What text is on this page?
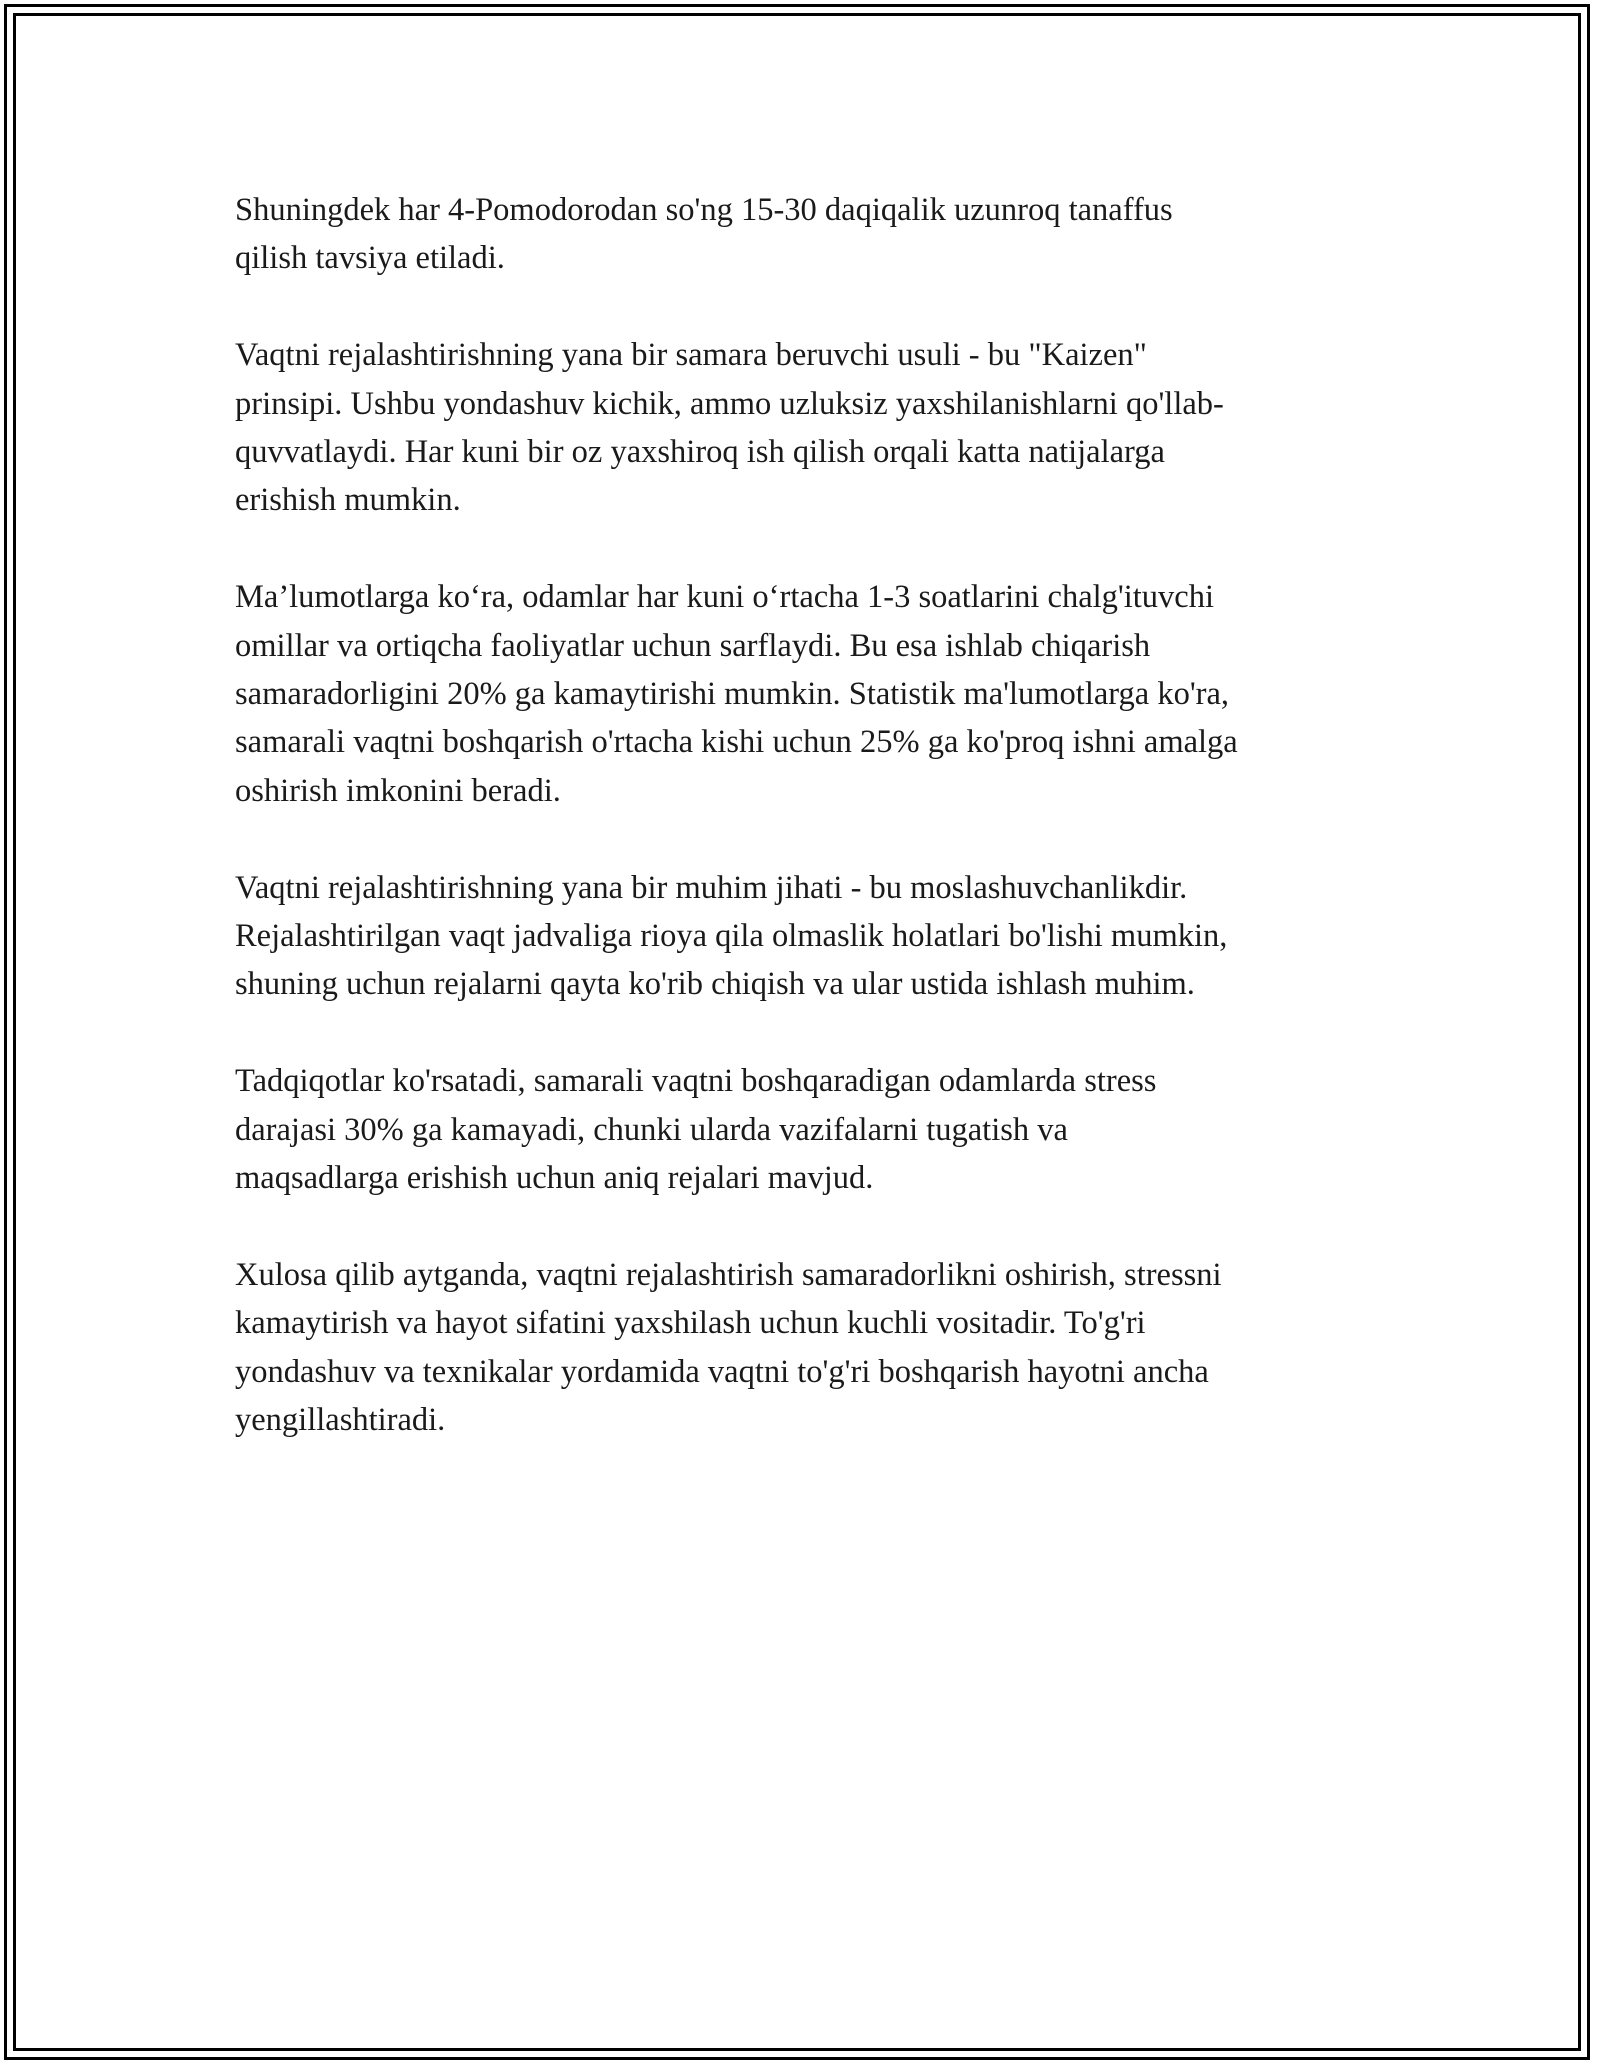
Shuningdek har 4-Pomodorodan so'ng 15-30 daqiqalik uzunroq tanaffus
qilish tavsiya etiladi.

Vaqtni rejalashtirishning yana bir samara beruvchi usuli - bu "Kaizen"
prinsipi. Ushbu yondashuv kichik, ammo uzluksiz yaxshilanishlarni qo'llab-
quvvatlaydi. Har kuni bir oz yaxshiroq ish qilish orqali katta natijalarga
erishish mumkin.

Ma’lumotlarga ko‘ra, odamlar har kuni o‘rtacha 1-3 soatlarini chalg'ituvchi
omillar va ortiqcha faoliyatlar uchun sarflaydi. Bu esa ishlab chiqarish
samaradorligini 20% ga kamaytirishi mumkin. Statistik ma'lumotlarga ko'ra,
samarali vaqtni boshqarish o'rtacha kishi uchun 25% ga ko'proq ishni amalga
oshirish imkonini beradi.

Vaqtni rejalashtirishning yana bir muhim jihati - bu moslashuvchanlikdir.
Rejalashtirilgan vaqt jadvaliga rioya qila olmaslik holatlari bo'lishi mumkin,
shuning uchun rejalarni qayta ko'rib chiqish va ular ustida ishlash muhim.

Tadqiqotlar ko'rsatadi, samarali vaqtni boshqaradigan odamlarda stress
darajasi 30% ga kamayadi, chunki ularda vazifalarni tugatish va
maqsadlarga erishish uchun aniq rejalari mavjud.

Xulosa qilib aytganda, vaqtni rejalashtirish samaradorlikni oshirish, stressni
kamaytirish va hayot sifatini yaxshilash uchun kuchli vositadir. To'g'ri
yondashuv va texnikalar yordamida vaqtni to'g'ri boshqarish hayotni ancha
yengillashtiradi.
